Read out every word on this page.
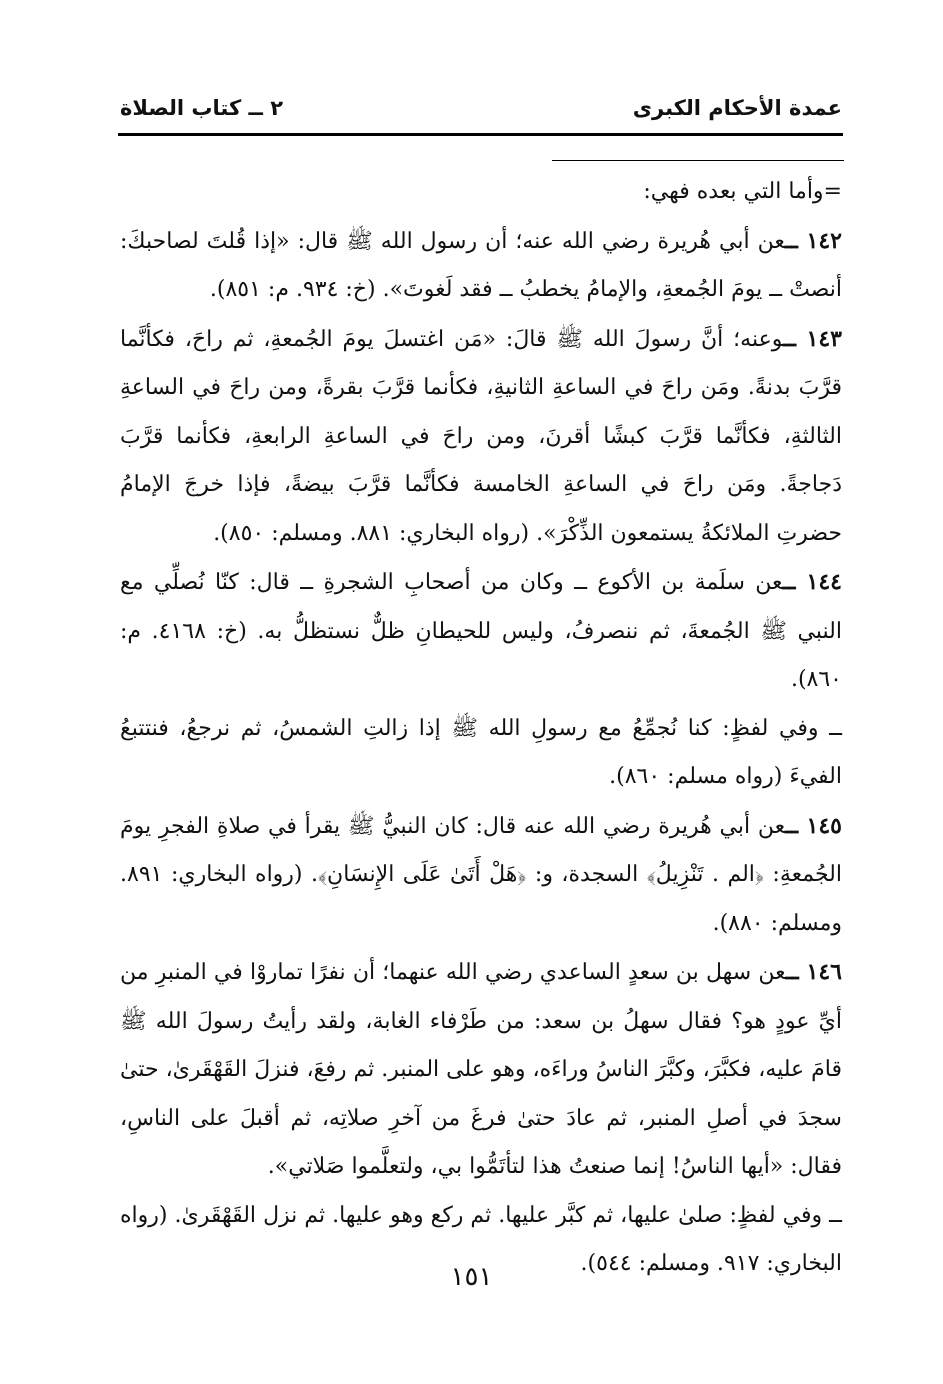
عمدة الأحكام الكبرى
٢ ــ كتاب الصلاة

=وأما التي بعده فهي:

١٤٢ ــعن أبي هُريرة رضي الله عنه؛ أن رسول الله ﷺ قال: «إذا قُلتَ لصاحبكَ: أنصتْ ــ يومَ الجُمعةِ، والإمامُ يخطبُ ــ فقد لَغوتَ». (خ: ٩٣٤. م: ٨٥١).

١٤٣ ــوعنه؛ أنَّ رسولَ الله ﷺ قالَ: «مَن اغتسلَ يومَ الجُمعةِ، ثم راحَ، فكأنَّما قرَّبَ بدنةً. ومَن راحَ في الساعةِ الثانيةِ، فكأنما قرَّبَ بقرةً، ومن راحَ في الساعةِ الثالثةِ، فكأنَّما قرَّبَ كبشًا أقرنَ، ومن راحَ في الساعةِ الرابعةِ، فكأنما قرَّبَ دَجاجةً. ومَن راحَ في الساعةِ الخامسة فكأنَّما قرَّبَ بيضةً، فإذا خرجَ الإمامُ حضرتِ الملائكةُ يستمعون الذِّكْرَ». (رواه البخاري: ٨٨١. ومسلم: ٨٥٠).

١٤٤ ــعن سلَمة بن الأكوع ــ وكان من أصحابِ الشجرةِ ــ قال: كنّا نُصلِّي مع النبي ﷺ الجُمعةَ، ثم ننصرفُ، وليس للحيطانِ ظلٌّ نستظلُّ به. (خ: ٤١٦٨. م: ٨٦٠).

ــ وفي لفظٍ: كنا نُجمِّعُ مع رسولِ الله ﷺ إذا زالتِ الشمسُ، ثم نرجعُ، فنتتبعُ الفيءَ (رواه مسلم: ٨٦٠).

١٤٥ ــعن أبي هُريرة رضي الله عنه قال: كان النبيُّ ﷺ يقرأ في صلاةِ الفجرِ يومَ الجُمعةِ: ﴿الم . تَنْزِيلُ﴾ السجدة، و: ﴿هَلْ أَتَىٰ عَلَى الإِنسَانِ﴾. (رواه البخاري: ٨٩١. ومسلم: ٨٨٠).

١٤٦ ــعن سهل بن سعدٍ الساعدي رضي الله عنهما؛ أن نفرًا تماروْا في المنبرِ من أيِّ عودٍ هو؟ فقال سهلُ بن سعد: من طَرْفاء الغابة، ولقد رأيتُ رسولَ الله ﷺ قامَ عليه، فكبَّرَ، وكبَّرَ الناسُ وراءَه، وهو على المنبر. ثم رفعَ، فنزلَ القَهْقَرىٰ، حتىٰ سجدَ في أصلِ المنبر، ثم عادَ حتىٰ فرغَ من آخرِ صلاتِه، ثم أقبلَ على الناسِ، فقال: «أيها الناسُ! إنما صنعتُ هذا لتأتَمُّوا بي، ولتعلَّموا صَلاتي».

ــ وفي لفظٍ: صلىٰ عليها، ثم كبَّر عليها. ثم ركع وهو عليها. ثم نزل القَهْقَرىٰ. (رواه البخاري: ٩١٧. ومسلم: ٥٤٤).

١٥١
